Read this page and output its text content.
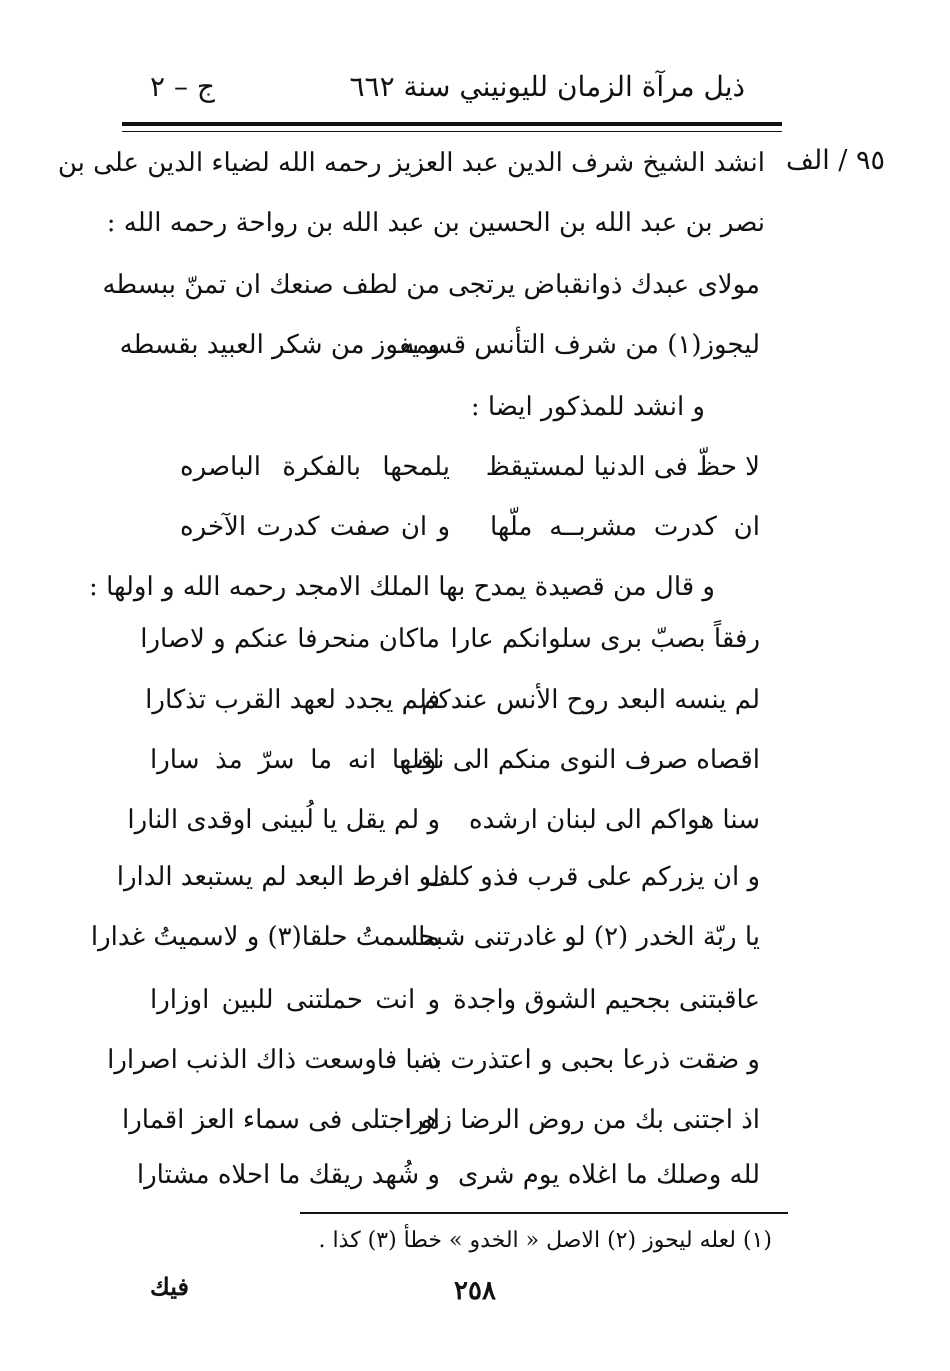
ذيل مرآة الزمان لليونيني سنة ٦٦٢
ج – ٢
٩٥ / الف
انشد الشيخ شرف الدين عبد العزيز رحمه الله لضياء الدين على بن
نصر بن عبد الله بن الحسين بن عبد الله بن رواحة رحمه الله :
مولاى عبدك ذوانقباض يرتجى
من لطف صنعك ان تمنّ ببسطه
ليجوز(١) من شرف التأنس قسمه
و يفوز من شكر العبيد بقسطه
و انشد للمذكور ايضا :
لا حظّ فى الدنيا لمستيقظ
يلمحها بالفكرة الباصره
ان كدرت مشربــه ملّها
و ان صفت كدرت الآخره
و قال من قصيدة يمدح بها الملك الامجد رحمه الله و اولها :
رفقاً بصبّ برى سلوانكم عارا
ماكان منحرفا عنكم و لاصارا
لم ينسه البعد روح الأنس عندكم
فلم يجدد لعهد القرب تذكارا
اقصاه صرف النوى منكم الى نوب
اقلها انه ما سرّ مذ سارا
سنا هواكم الى لبنان ارشده
و لم يقل يا لُبينى اوقدى النارا
و ان يزركم على قرب فذو كلف
لو افرط البعد لم يستبعد الدارا
يا ربّة الخدر (٢) لو غادرتنى شبحا
ماسمتُ حلقا(٣) و لاسميتُ غدارا
عاقبتنى بجحيم الشوق واجدة
و انت حملتنى للبين اوزارا
و ضقت ذرعا بحبى و اعتذرت به
ذنبا فاوسعت ذاك الذنب اصرارا
اذ اجتنى بك من روض الرضا زهرا
او اجتلى فى سماء العز اقمارا
لله وصلك ما اغلاه يوم شرى
و شُهد ريقك ما احلاه مشتارا
(١) لعله ليحوز (٢) الاصل « الخدو » خطأ (٣) كذا .
٢٥٨
فيك
